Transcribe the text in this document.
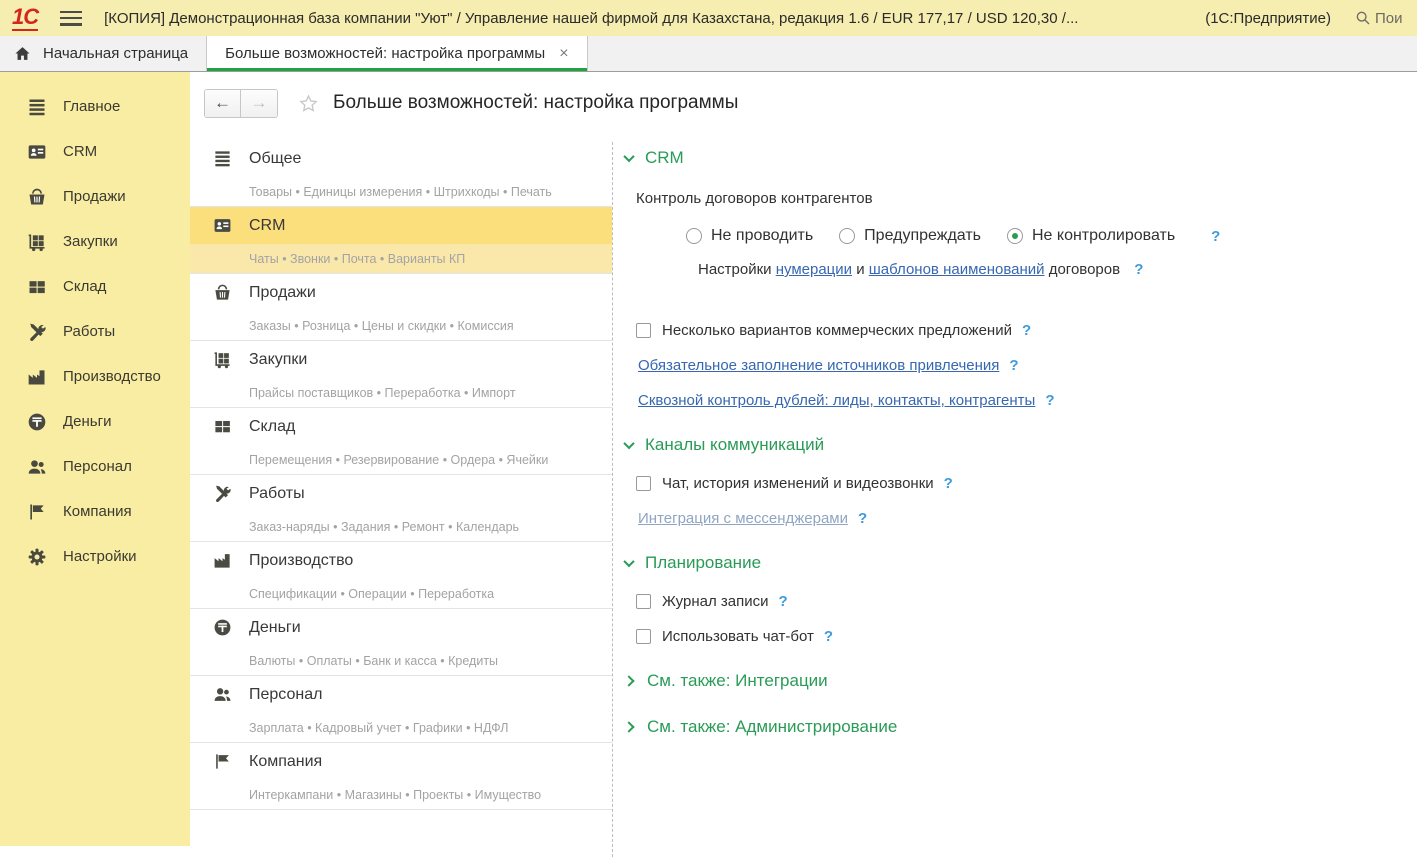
1С	[КОПИЯ] Демонстрационная база компании "Уют" / Управление нашей фирмой для Казахстана, редакция 1.6 / EUR 177,17 / USD 120,30 /...	(1С:Предприятие)	Пои
Начальная страница Больше возможностей: настройка программы ×
Главное
CRM
Продажи
Закупки
Склад
Работы
Производство
Деньги
Персонал
Компания
Настройки
←	→	Больше возможностей: настройка программы
Общее
Товары • Единицы измерения • Штрихкоды • Печать
CRM
Чаты • Звонки • Почта • Варианты КП
Продажи
Заказы • Розница • Цены и скидки • Комиссия
Закупки
Прайсы поставщиков • Переработка • Импорт
Склад
Перемещения • Резервирование • Ордера • Ячейки
Работы
Заказ-наряды • Задания • Ремонт • Календарь
Производство
Спецификации • Операции • Переработка
Деньги
Валюты • Оплаты • Банк и касса • Кредиты
Персонал
Зарплата • Кадровый учет • Графики • НДФЛ
Компания
Интеркампани • Магазины • Проекты • Имущество
CRM
Контроль договоров контрагентов
Не проводить	Предупреждать	Не контролировать ?
Настройки нумерации и шаблонов наименований договоров ?
Несколько вариантов коммерческих предложений ?
Обязательное заполнение источников привлечения ?
Сквозной контроль дублей: лиды, контакты, контрагенты ?
Каналы коммуникаций
Чат, история изменений и видеозвонки ?
Интеграция с мессенджерами ?
Планирование
Журнал записи ?
Использовать чат-бот ?
См. также: Интеграции
См. также: Администрирование
